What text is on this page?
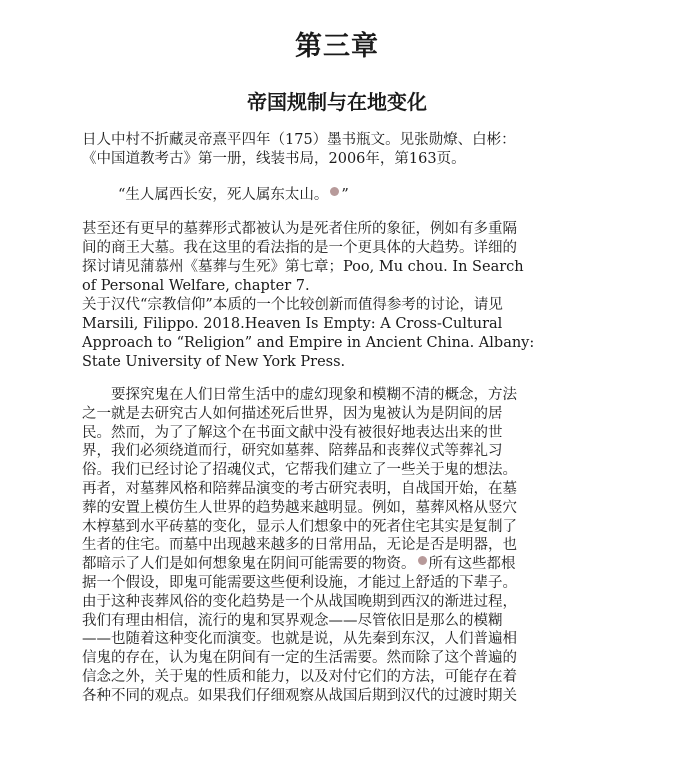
第三章
帝国规制与在地变化
日人中村不折藏灵帝熹平四年（175）墨书瓶文。见张勋燎、白彬：
《中国道教考古》第一册，线装书局，2006年，第163页。
“生人属西长安，死人属东太山。 ”
甚至还有更早的墓葬形式都被认为是死者住所的象征，例如有多重隔
间的商王大墓。我在这里的看法指的是一个更具体的大趋势。详细的
探讨请见蒲慕州《墓葬与生死》第七章；Poo, Mu chou. In Search
of Personal Welfare, chapter 7.
关于汉代“宗教信仰”本质的一个比较创新而值得参考的讨论，请见
Marsili, Filippo. 2018.Heaven Is Empty: A Cross-Cultural
Approach to “Religion” and Empire in Ancient China. Albany:
State University of New York Press.
　　要探究鬼在人们日常生活中的虚幻现象和模糊不清的概念，方法
之一就是去研究古人如何描述死后世界，因为鬼被认为是阴间的居
民。然而，为了了解这个在书面文献中没有被很好地表达出来的世
界，我们必须绕道而行，研究如墓葬、陪葬品和丧葬仪式等葬礼习
俗。我们已经讨论了招魂仪式，它帮我们建立了一些关于鬼的想法。
再者，对墓葬风格和陪葬品演变的考古研究表明，自战国开始，在墓
葬的安置上模仿生人世界的趋势越来越明显。例如，墓葬风格从竖穴
木椁墓到水平砖墓的变化，显示人们想象中的死者住宅其实是复制了
生者的住宅。而墓中出现越来越多的日常用品，无论是否是明器，也
都暗示了人们是如何想象鬼在阴间可能需要的物资。 所有这些都根
据一个假设，即鬼可能需要这些便利设施，才能过上舒适的下辈子。
由于这种丧葬风俗的变化趋势是一个从战国晚期到西汉的渐进过程，
我们有理由相信，流行的鬼和冥界观念——尽管依旧是那么的模糊
——也随着这种变化而演变。也就是说，从先秦到东汉，人们普遍相
信鬼的存在，认为鬼在阴间有一定的生活需要。然而除了这个普遍的
信念之外，关于鬼的性质和能力，以及对付它们的方法，可能存在着
各种不同的观点。如果我们仔细观察从战国后期到汉代的过渡时期关
